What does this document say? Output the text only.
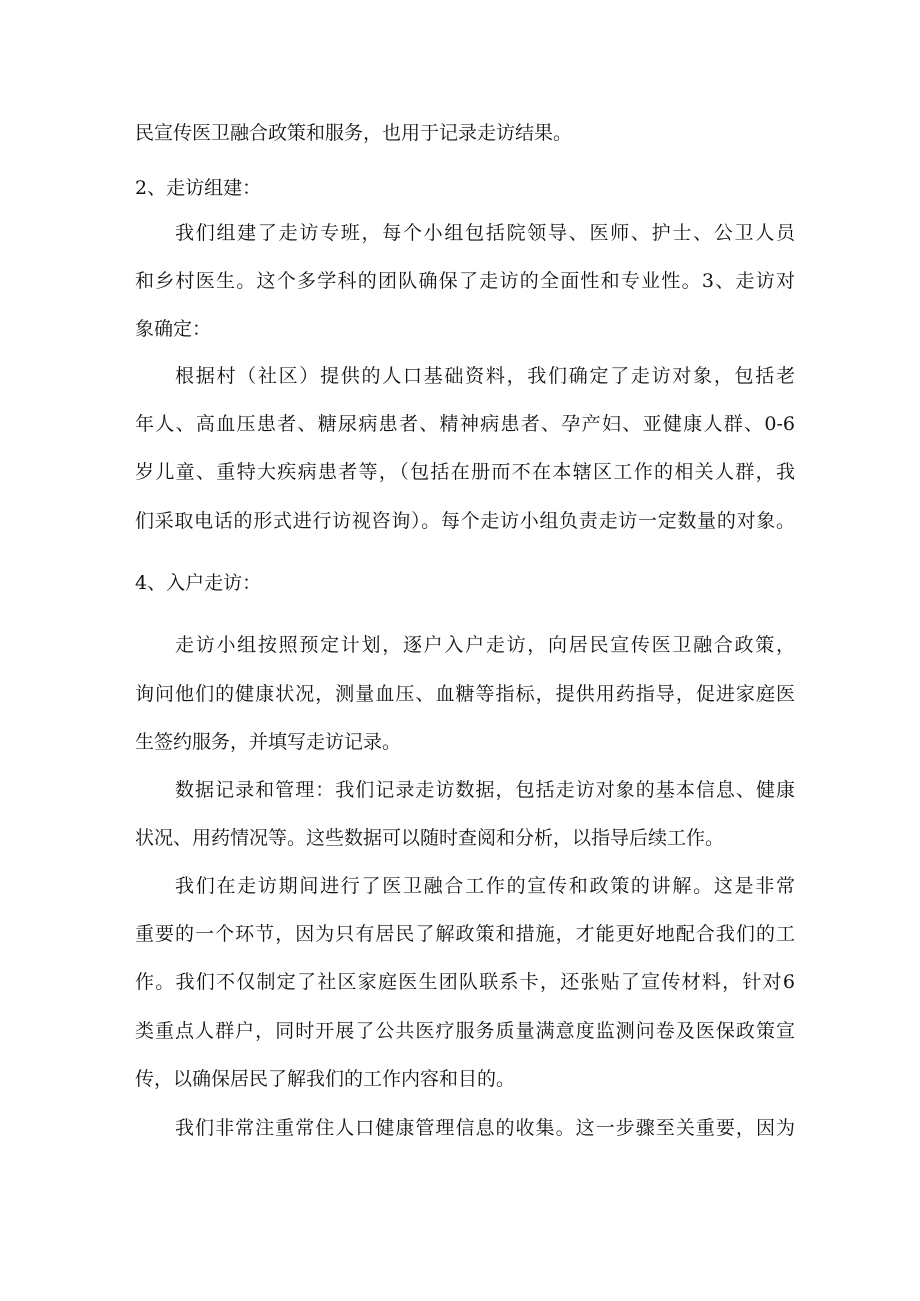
民宣传医卫融合政策和服务，也用于记录走访结果。

2、走访组建：

我们组建了走访专班，每个小组包括院领导、医师、护士、公卫人员

和乡村医生。这个多学科的团队确保了走访的全面性和专业性。3、走访对

象确定：

根据村（社区）提供的人口基础资料，我们确定了走访对象，包括老

年人、高血压患者、糖尿病患者、精神病患者、孕产妇、亚健康人群、0-6

岁儿童、重特大疾病患者等，（包括在册而不在本辖区工作的相关人群，我

们采取电话的形式进行访视咨询）。每个走访小组负责走访一定数量的对象。

4、入户走访：

走访小组按照预定计划，逐户入户走访，向居民宣传医卫融合政策，

询问他们的健康状况，测量血压、血糖等指标，提供用药指导，促进家庭医

生签约服务，并填写走访记录。

数据记录和管理：我们记录走访数据，包括走访对象的基本信息、健康

状况、用药情况等。这些数据可以随时查阅和分析，以指导后续工作。

我们在走访期间进行了医卫融合工作的宣传和政策的讲解。这是非常

重要的一个环节，因为只有居民了解政策和措施，才能更好地配合我们的工

作。我们不仅制定了社区家庭医生团队联系卡，还张贴了宣传材料，针对6

类重点人群户，同时开展了公共医疗服务质量满意度监测问卷及医保政策宣

传，以确保居民了解我们的工作内容和目的。

我们非常注重常住人口健康管理信息的收集。这一步骤至关重要，因为
